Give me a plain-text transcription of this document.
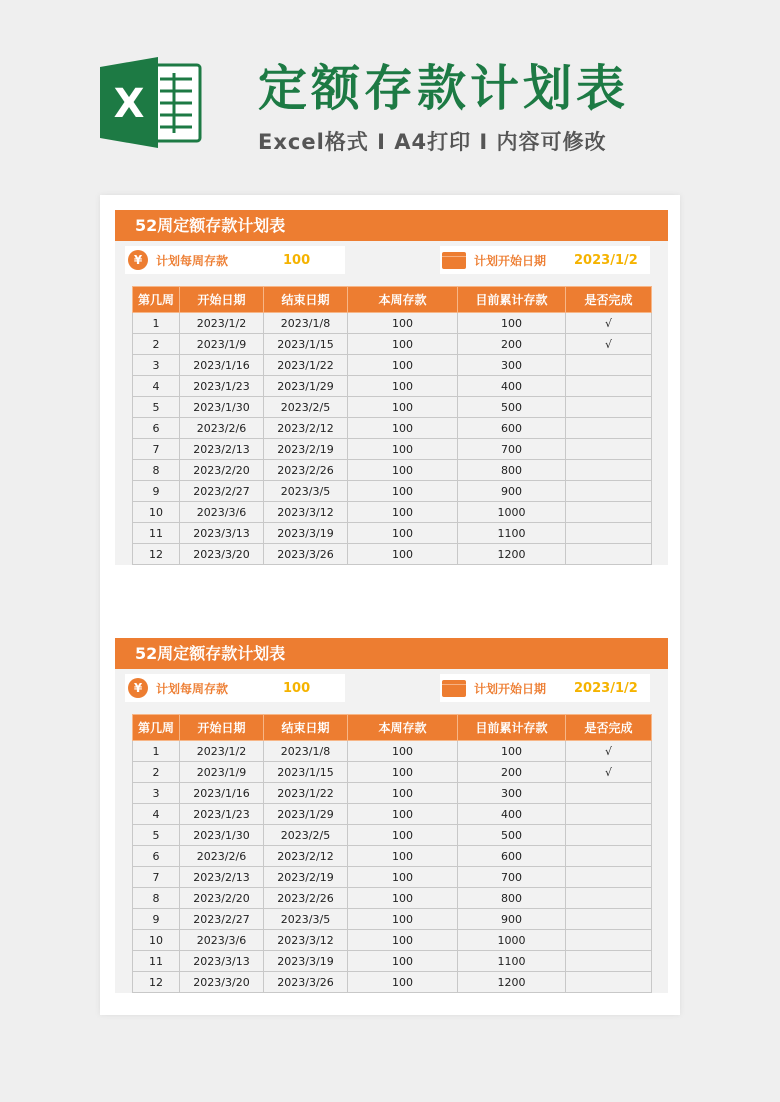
X 定额存款计划表
Excel格式 I A4打印 I 内容可修改
52周定额存款计划表
¥	计划每周存款	100	计划开始日期 2023/1/2
第几周	开始日期	结束日期	本周存款	目前累计存款	是否完成
1	2023/1/2	2023/1/8	100	100	√
2	2023/1/9	2023/1/15	100	200	√
3	2023/1/16	2023/1/22	100	300	
4	2023/1/23	2023/1/29	100	400	
5	2023/1/30	2023/2/5	100	500	
6	2023/2/6	2023/2/12	100	600	
7	2023/2/13	2023/2/19	100	700	
8	2023/2/20	2023/2/26	100	800	
9	2023/2/27	2023/3/5	100	900	
10	2023/3/6	2023/3/12	100	1000	
11	2023/3/13	2023/3/19	100	1100	
12	2023/3/20	2023/3/26	100	1200	
52周定额存款计划表
¥	计划每周存款	100	计划开始日期 2023/1/2
第几周	开始日期	结束日期	本周存款	目前累计存款	是否完成
1	2023/1/2	2023/1/8	100	100	√
2	2023/1/9	2023/1/15	100	200	√
3	2023/1/16	2023/1/22	100	300	
4	2023/1/23	2023/1/29	100	400	
5	2023/1/30	2023/2/5	100	500	
6	2023/2/6	2023/2/12	100	600	
7	2023/2/13	2023/2/19	100	700	
8	2023/2/20	2023/2/26	100	800	
9	2023/2/27	2023/3/5	100	900	
10	2023/3/6	2023/3/12	100	1000	
11	2023/3/13	2023/3/19	100	1100	
12	2023/3/20	2023/3/26	100	1200	
